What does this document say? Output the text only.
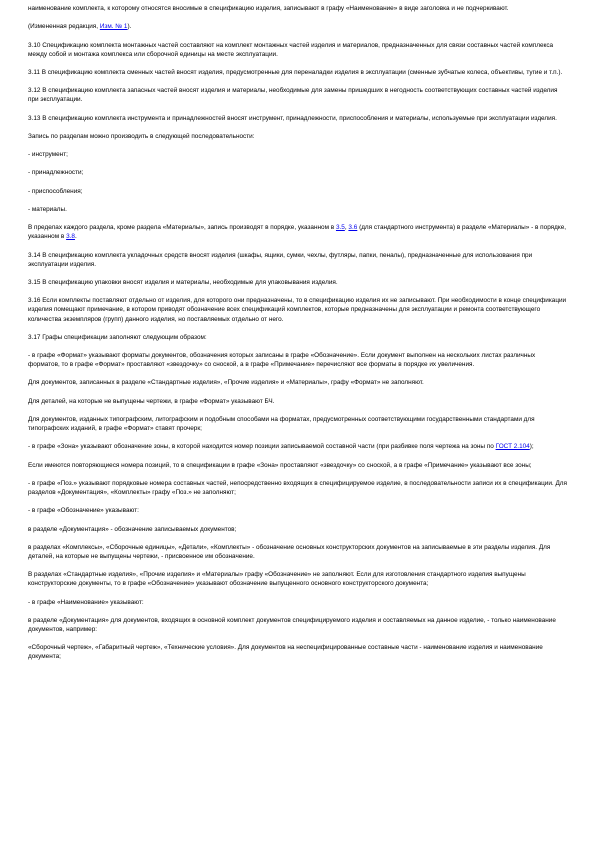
наименование комплекта, к которому относятся вносимые в спецификацию изделия, записывают в графу «Наименование» в виде заголовка и не подчеркивают.

(Измененная редакция, Изм. № 1).

3.10 Спецификацию комплекта монтажных частей составляют на комплект монтажных частей изделия и материалов, предназначенных для связи составных частей комплекса между собой и монтажа комплекса или сборочной единицы на месте эксплуатации.

3.11 В спецификацию комплекта сменных частей вносят изделия, предусмотренные для переналадки изделия в эксплуатации (сменные зубчатые колеса, объективы, тугие и т.п.).

3.12 В спецификацию комплекта запасных частей вносят изделия и материалы, необходимые для замены пришедших в негодность соответствующих составных частей изделия при эксплуатации.

3.13 В спецификацию комплекта инструмента и принадлежностей вносят инструмент, принадлежности, приспособления и материалы, используемые при эксплуатации изделия.

Запись по разделам можно производить в следующей последовательности:

- инструмент;

- принадлежности;

- приспособления;

- материалы.

В пределах каждого раздела, кроме раздела «Материалы», запись производят в порядке, указанном в 3.5, 3.6 (для стандартного инструмента) в разделе «Материалы» - в порядке, указанном в 3.8.

3.14 В спецификацию комплекта укладочных средств вносят изделия (шкафы, ящики, сумки, чехлы, футляры, папки, пеналы), предназначенные для использования при эксплуатации изделия.

3.15 В спецификацию упаковки вносят изделия и материалы, необходимые для упаковывания изделия.

3.16 Если комплекты поставляют отдельно от изделия, для которого они предназначены, то в спецификацию изделия их не записывают. При необходимости в конце спецификации изделия помещают примечание, в котором приводят обозначение всех спецификаций комплектов, которые предназначены для эксплуатации и ремонта соответствующего количества экземпляров (групп) данного изделия, но поставляемых отдельно от него.

3.17 Графы спецификации заполняют следующим образом:

- в графе «Формат» указывают форматы документов, обозначения которых записаны в графе «Обозначение». Если документ выполнен на нескольких листах различных форматов, то в графе «Формат» проставляют «звездочку» со сноской, а в графе «Примечание» перечисляют все форматы в порядке их увеличения.

Для документов, записанных в разделе «Стандартные изделия», «Прочие изделия» и «Материалы», графу «Формат» не заполняют.

Для деталей, на которые не выпущены чертежи, в графе «Формат» указывают БЧ.

Для документов, изданных типографским, литографским и подобным способами на форматах, предусмотренных соответствующими государственными стандартами для типографских изданий, в графе «Формат» ставят прочерк;

- в графе «Зона» указывают обозначение зоны, в которой находится номер позиции записываемой составной части (при разбивке поля чертежа на зоны по ГОСТ 2.104);

Если имеются повторяющиеся номера позиций, то в спецификации в графе «Зона» проставляют «звездочку» со сноской, а в графе «Примечание» указывают все зоны;

- в графе «Поз.» указывают порядковые номера составных частей, непосредственно входящих в специфицируемое изделие, в последовательности записи их в спецификации. Для разделов «Документация», «Комплекты» графу «Поз.» не заполняют;

- в графе «Обозначение» указывают:

в разделе «Документация» - обозначение записываемых документов;

в разделах «Комплексы», «Сборочные единицы», «Детали», «Комплекты» - обозначение основных конструкторских документов на записываемые в эти разделы изделия. Для деталей, на которые не выпущены чертежи, - присвоенное им обозначение.

В разделах «Стандартные изделия», «Прочие изделия» и «Материалы» графу «Обозначение» не заполняют. Если для изготовления стандартного изделия выпущены конструкторские документы, то в графе «Обозначение» указывают обозначение выпущенного основного конструкторского документа;

- в графе «Наименование» указывают:

в разделе «Документация» для документов, входящих в основной комплект документов специфицируемого изделия и составляемых на данное изделие, - только наименование документов, например:

«Сборочный чертеж», «Габаритный чертеж», «Технические условия». Для документов на неспецифицированные составные части - наименование изделия и наименование документа;
